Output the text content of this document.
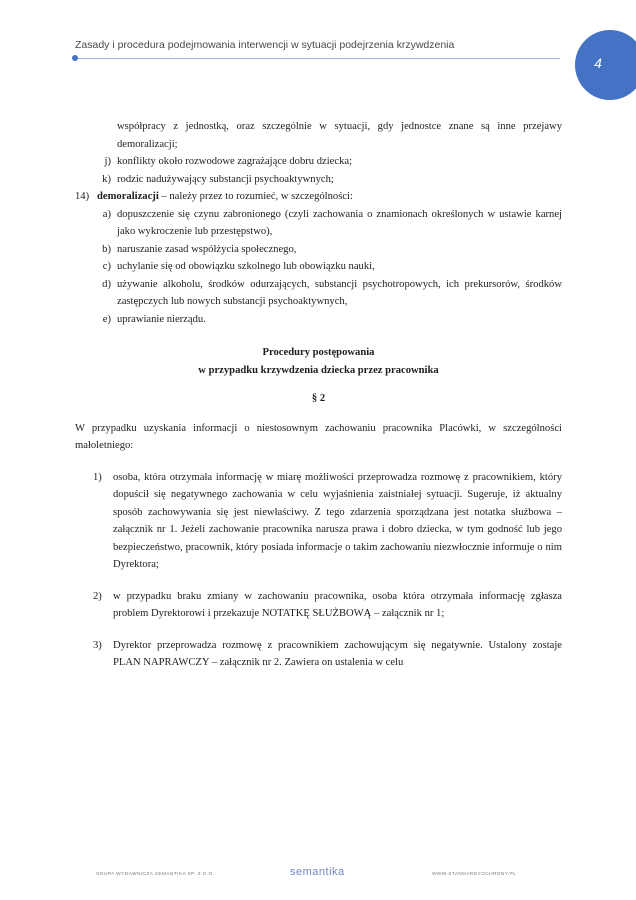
4
Zasady i procedura podejmowania interwencji w sytuacji podejrzenia krzywdzenia

współpracy z jednostką, oraz szczególnie w sytuacji, gdy jednostce znane są inne przejawy demoralizacji;

j) konflikty około rozwodowe zagrażające dobru dziecka;
k) rodzic nadużywający substancji psychoaktywnych;
14) demoralizacji – należy przez to rozumieć, w szczególności:
a) dopuszczenie się czynu zabronionego (czyli zachowania o znamionach określonych w ustawie karnej jako wykroczenie lub przestępstwo),
b) naruszanie zasad współżycia społecznego,
c) uchylanie się od obowiązku szkolnego lub obowiązku nauki,
d) używanie alkoholu, środków odurzających, substancji psychotropowych, ich prekursorów, środków zastępczych lub nowych substancji psychoaktywnych,
e) uprawianie nierządu.
Procedury postępowania
w przypadku krzywdzenia dziecka przez pracownika
§ 2

W przypadku uzyskania informacji o niestosownym zachowaniu pracownika Placówki, w szczególności małoletniego:

1)	osoba, która otrzymała informację w miarę możliwości przeprowadza rozmowę z pracownikiem, który dopuścił się negatywnego zachowania w celu wyjaśnienia zaistniałej sytuacji. Sugeruje, iż aktualny sposób zachowywania się jest niewłaściwy. Z tego zdarzenia sporządzana jest notatka służbowa – załącznik nr 1. Jeżeli zachowanie pracownika narusza prawa i dobro dziecka, w tym godność lub jego bezpieczeństwo, pracownik, który posiada informacje o takim zachowaniu niezwłocznie informuje o nim Dyrektora;
2)	w przypadku braku zmiany w zachowaniu pracownika, osoba która otrzymała informację zgłasza problem Dyrektorowi i przekazuje NOTATKĘ SŁUŻBOWĄ – załącznik nr 1;
3)	Dyrektor przeprowadza rozmowę z pracownikiem zachowującym się negatywnie. Ustalony zostaje PLAN NAPRAWCZY – załącznik nr 2. Zawiera on ustalenia w celu
GRUPA WYDAWNICZA SEMANTIKA SP. Z O.O.	semantika	WWW.STANDARDYOCHRONY.PL
